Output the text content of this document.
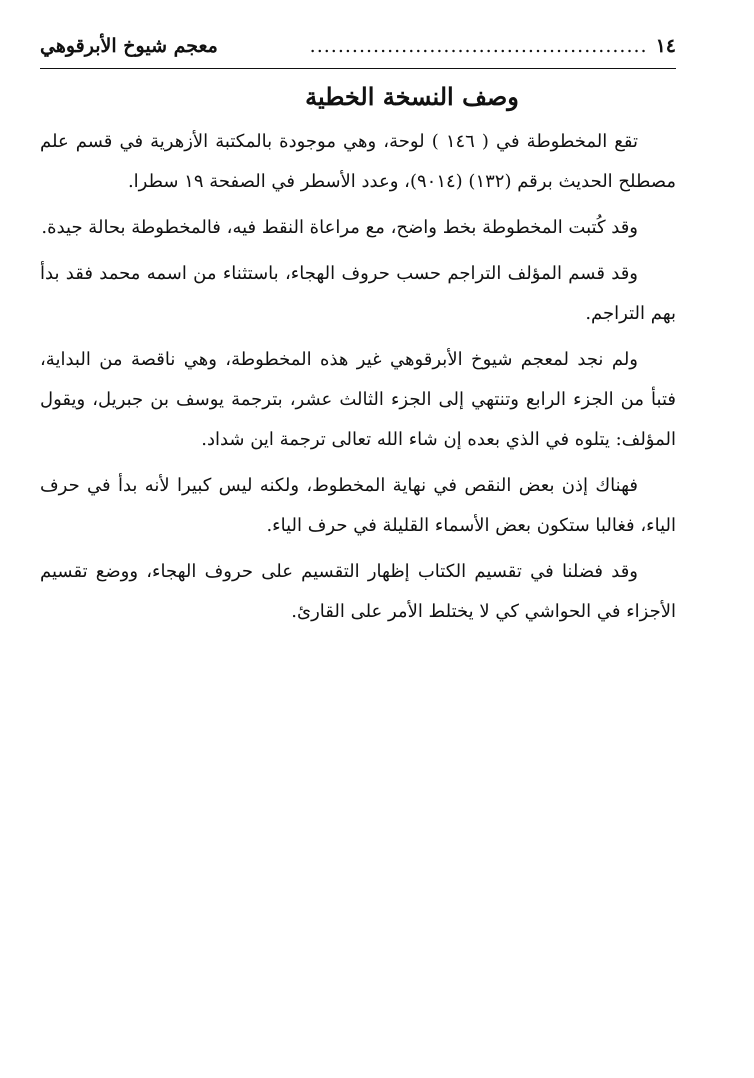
١٤
................................................
معجم شيوخ الأبرقوهي
وصف النسخة الخطية

تقع المخطوطة في ( ١٤٦ ) لوحة، وهي موجودة بالمكتبة الأزهرية في قسم علم مصطلح الحديث برقم (١٣٢) (٩٠١٤)، وعدد الأسطر في الصفحة ١٩ سطرا.

وقد كُتبت المخطوطة بخط واضح، مع مراعاة النقط فيه، فالمخطوطة بحالة جيدة.

وقد قسم المؤلف التراجم حسب حروف الهجاء، باستثناء من اسمه محمد فقد بدأ بهم التراجم.

ولم نجد لمعجم شيوخ الأبرقوهي غير هذه المخطوطة، وهي ناقصة من البداية، فتبأ من الجزء الرابع وتنتهي إلى الجزء الثالث عشر، بترجمة يوسف بن جبريل، ويقول المؤلف: يتلوه في الذي بعده إن شاء الله تعالى ترجمة اين شداد.

فهناك إذن بعض النقص في نهاية المخطوط، ولكنه ليس كبيرا لأنه بدأ في حرف الياء، فغالبا ستكون بعض الأسماء القليلة في حرف الياء.

وقد فضلنا في تقسيم الكتاب إظهار التقسيم على حروف الهجاء، ووضع تقسيم الأجزاء في الحواشي كي لا يختلط الأمر على القارئ.
